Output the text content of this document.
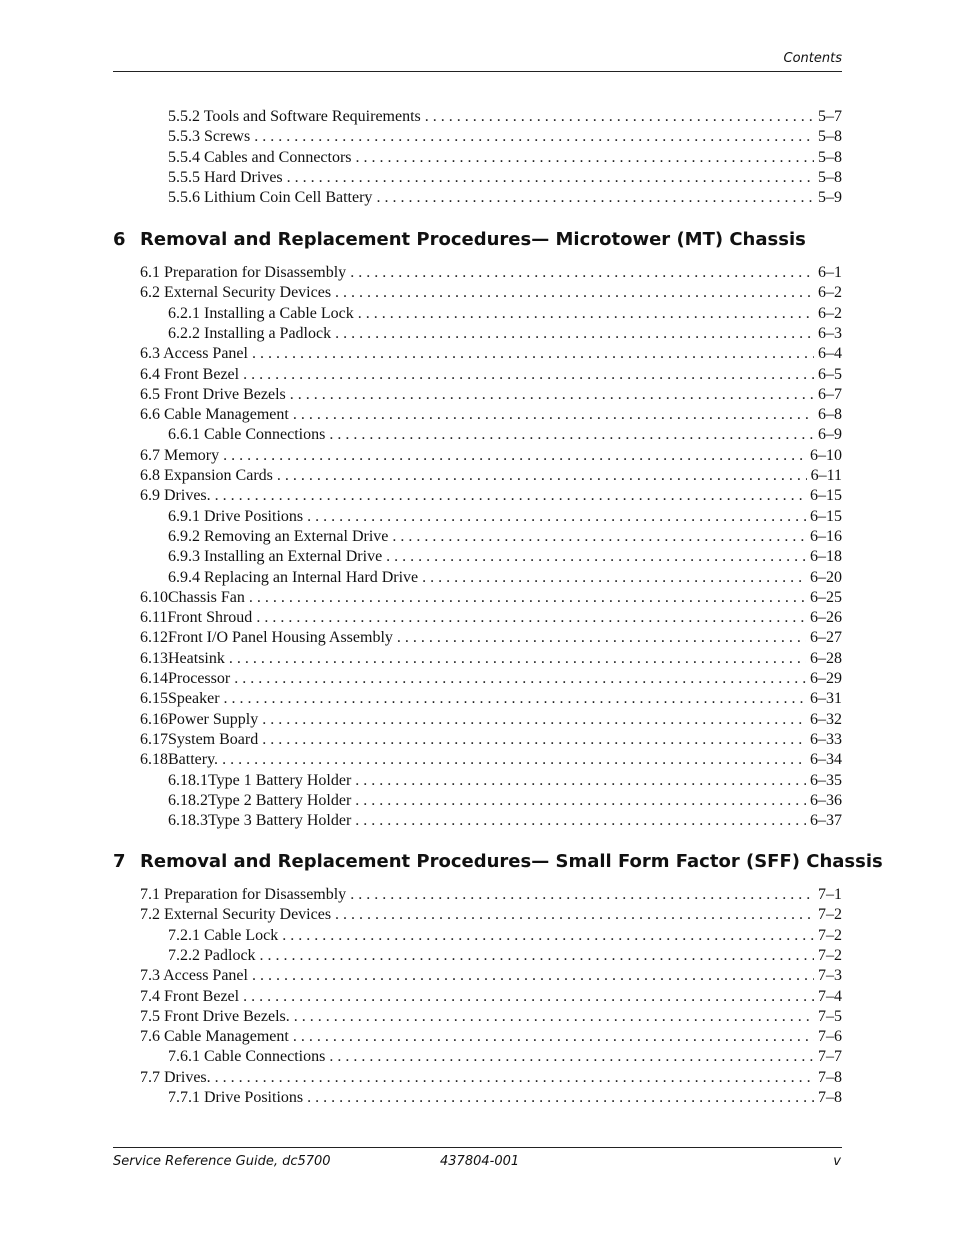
Contents
5.5.2 Tools and Software Requirements . . .	5–7
5.5.3 Screws . . .	5–8
5.5.4 Cables and Connectors . . .	5–8
5.5.5 Hard Drives . . .	5–8
5.5.6 Lithium Coin Cell Battery . . .	5–9
6 Removal and Replacement Procedures— Microtower (MT) Chassis
6.1 Preparation for Disassembly . . .	6–1
6.2 External Security Devices . . .	6–2
6.2.1 Installing a Cable Lock . . .	6–2
6.2.2 Installing a Padlock . . .	6–3
6.3 Access Panel . . .	6–4
6.4 Front Bezel . . .	6–5
6.5 Front Drive Bezels . . .	6–7
6.6 Cable Management . . .	6–8
6.6.1 Cable Connections . . .	6–9
6.7 Memory . . .	6–10
6.8 Expansion Cards . . .	6–11
6.9 Drives. . . .	6–15
6.9.1 Drive Positions . . .	6–15
6.9.2 Removing an External Drive . . .	6–16
6.9.3 Installing an External Drive . . .	6–18
6.9.4 Replacing an Internal Hard Drive . . .	6–20
6.10Chassis Fan . . .	6–25
6.11Front Shroud . . .	6–26
6.12Front I/O Panel Housing Assembly . . .	6–27
6.13Heatsink . . .	6–28
6.14Processor . . .	6–29
6.15Speaker . . .	6–31
6.16Power Supply . . .	6–32
6.17System Board . . .	6–33
6.18Battery. . . .	6–34
6.18.1Type 1 Battery Holder . . .	6–35
6.18.2Type 2 Battery Holder . . .	6–36
6.18.3Type 3 Battery Holder . . .	6–37
7 Removal and Replacement Procedures— Small Form Factor (SFF) Chassis
7.1 Preparation for Disassembly . . .	7–1
7.2 External Security Devices . . .	7–2
7.2.1 Cable Lock . . .	7–2
7.2.2 Padlock . . .	7–2
7.3 Access Panel . . .	7–3
7.4 Front Bezel . . .	7–4
7.5 Front Drive Bezels. . . .	7–5
7.6 Cable Management . . .	7–6
7.6.1 Cable Connections . . .	7–7
7.7 Drives. . . .	7–8
7.7.1 Drive Positions . . .	7–8
Service Reference Guide, dc5700	437804-001	v
